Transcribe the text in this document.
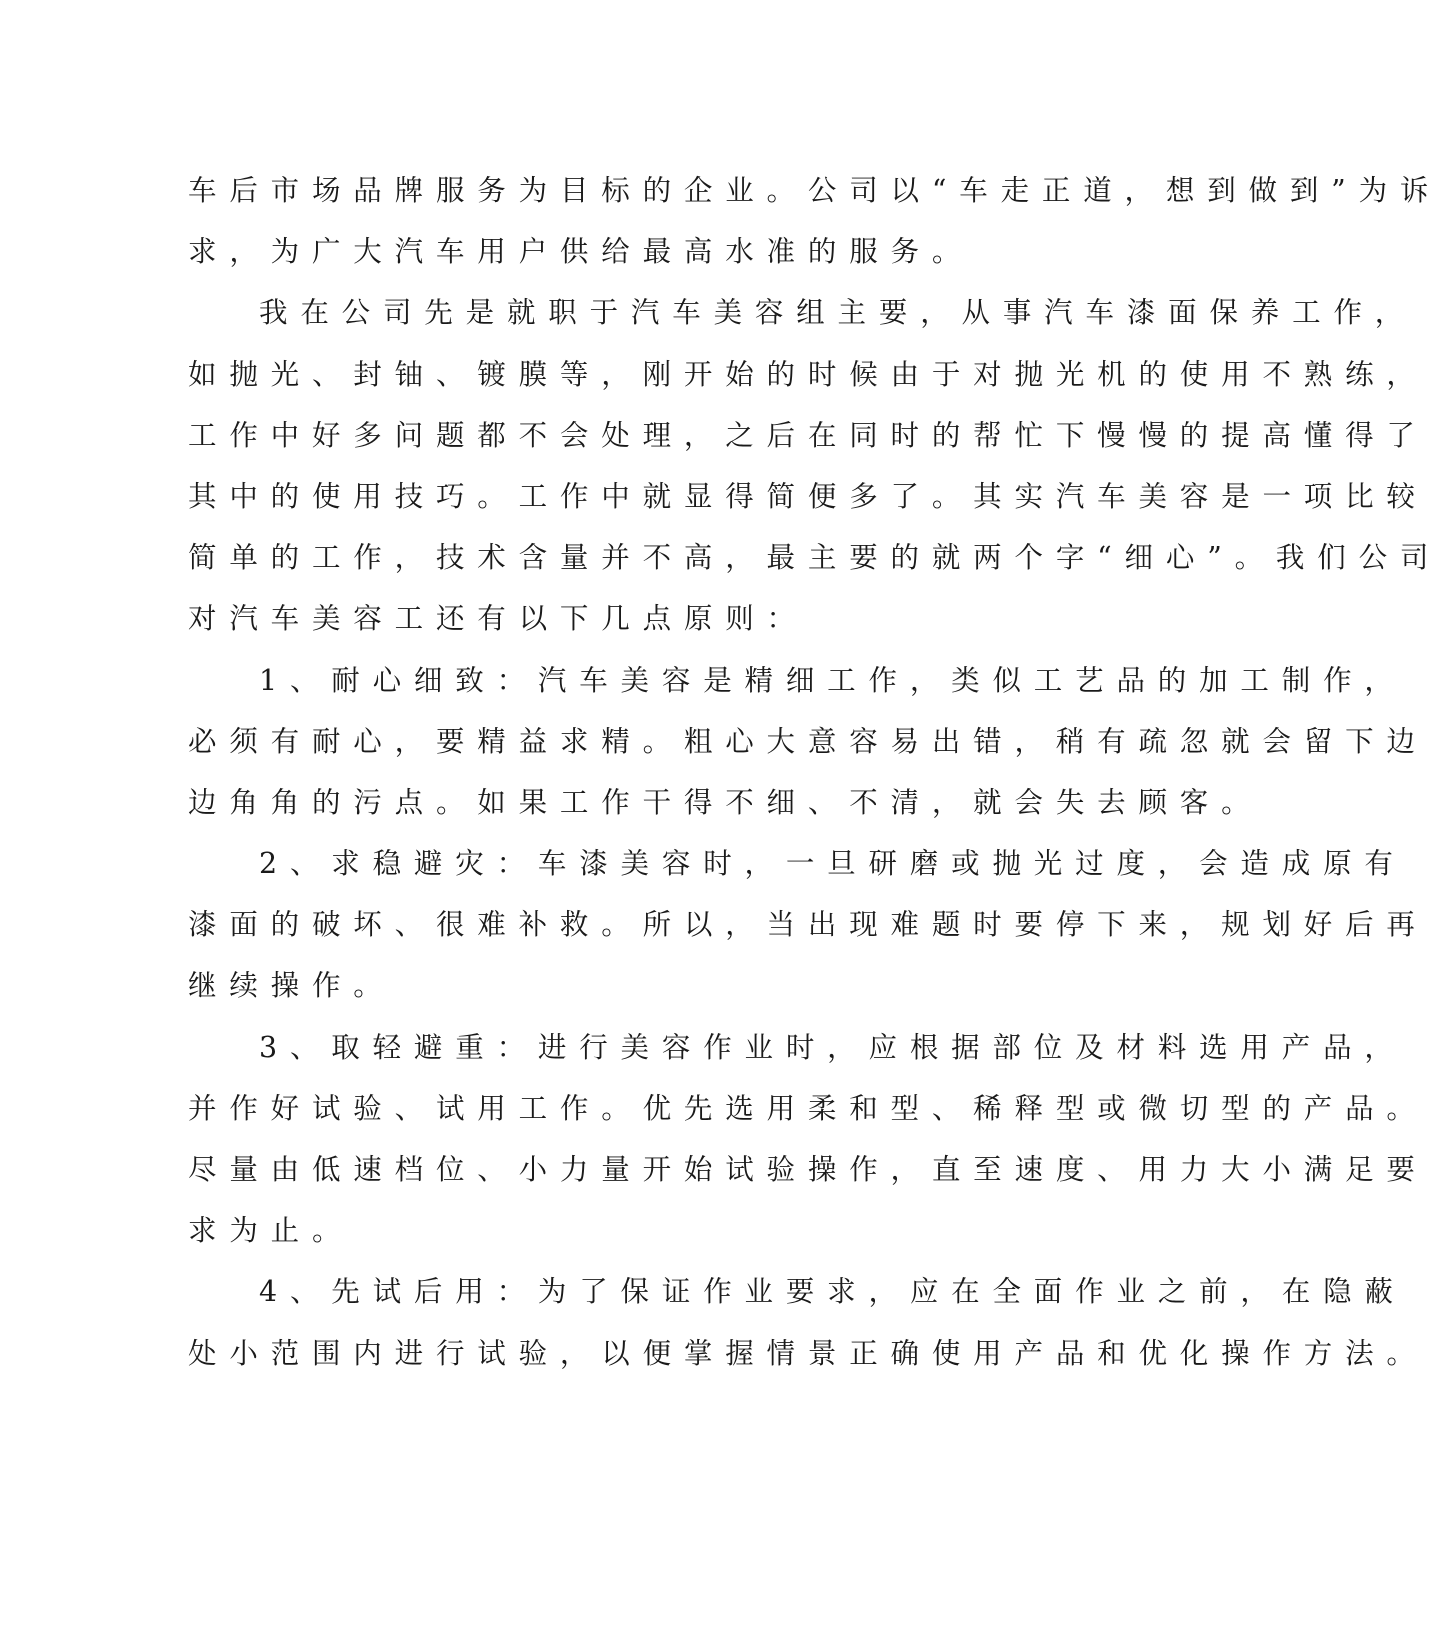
车后市场品牌服务为目标的企业。公司以“车走正道，想到做到”为诉
求，为广大汽车用户供给最高水准的服务。
我在公司先是就职于汽车美容组主要，从事汽车漆面保养工作，
如抛光、封铀、镀膜等，刚开始的时候由于对抛光机的使用不熟练，
工作中好多问题都不会处理，之后在同时的帮忙下慢慢的提高懂得了
其中的使用技巧。工作中就显得简便多了。其实汽车美容是一项比较
简单的工作，技术含量并不高，最主要的就两个字“细心”。我们公司
对汽车美容工还有以下几点原则：
1、耐心细致：汽车美容是精细工作，类似工艺品的加工制作，
必须有耐心，要精益求精。粗心大意容易出错，稍有疏忽就会留下边
边角角的污点。如果工作干得不细、不清，就会失去顾客。
2、求稳避灾：车漆美容时，一旦研磨或抛光过度，会造成原有
漆面的破坏、很难补救。所以，当出现难题时要停下来，规划好后再
继续操作。
3、取轻避重：进行美容作业时，应根据部位及材料选用产品，
并作好试验、试用工作。优先选用柔和型、稀释型或微切型的产品。
尽量由低速档位、小力量开始试验操作，直至速度、用力大小满足要
求为止。
4、先试后用：为了保证作业要求，应在全面作业之前，在隐蔽
处小范围内进行试验，以便掌握情景正确使用产品和优化操作方法。
